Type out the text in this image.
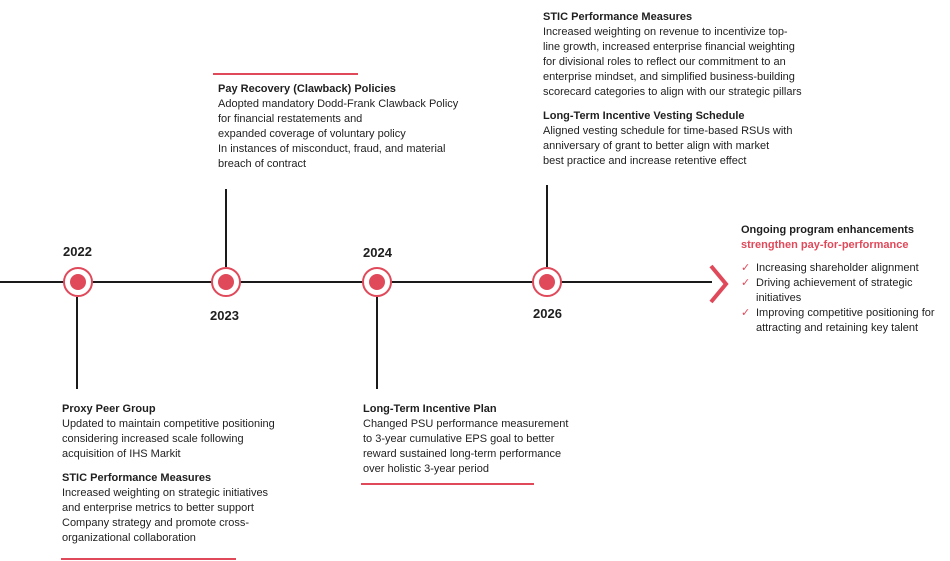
2022
2023
2024
2026
Pay Recovery (Clawback) Policies
Adopted mandatory Dodd-Frank Clawback Policy
for financial restatements and
expanded coverage of voluntary policy
In instances of misconduct, fraud, and material
breach of contract
STIC Performance Measures
Increased weighting on revenue to incentivize top-
line growth, increased enterprise financial weighting
for divisional roles to reflect our commitment to an
enterprise mindset, and simplified business-building
scorecard categories to align with our strategic pillars
Long-Term Incentive Vesting Schedule
Aligned vesting schedule for time-based RSUs with
anniversary of grant to better align with market
best practice and increase retentive effect
Proxy Peer Group
Updated to maintain competitive positioning
considering increased scale following
acquisition of IHS Markit
STIC Performance Measures
Increased weighting on strategic initiatives
and enterprise metrics to better support
Company strategy and promote cross-
organizational collaboration
Long-Term Incentive Plan
Changed PSU performance measurement
to 3-year cumulative EPS goal to better
reward sustained long-term performance
over holistic 3-year period
Ongoing program enhancements
strengthen pay-for-performance
✓ Increasing shareholder alignment
✓ Driving achievement of strategic initiatives
✓ Improving competitive positioning for attracting and retaining key talent
